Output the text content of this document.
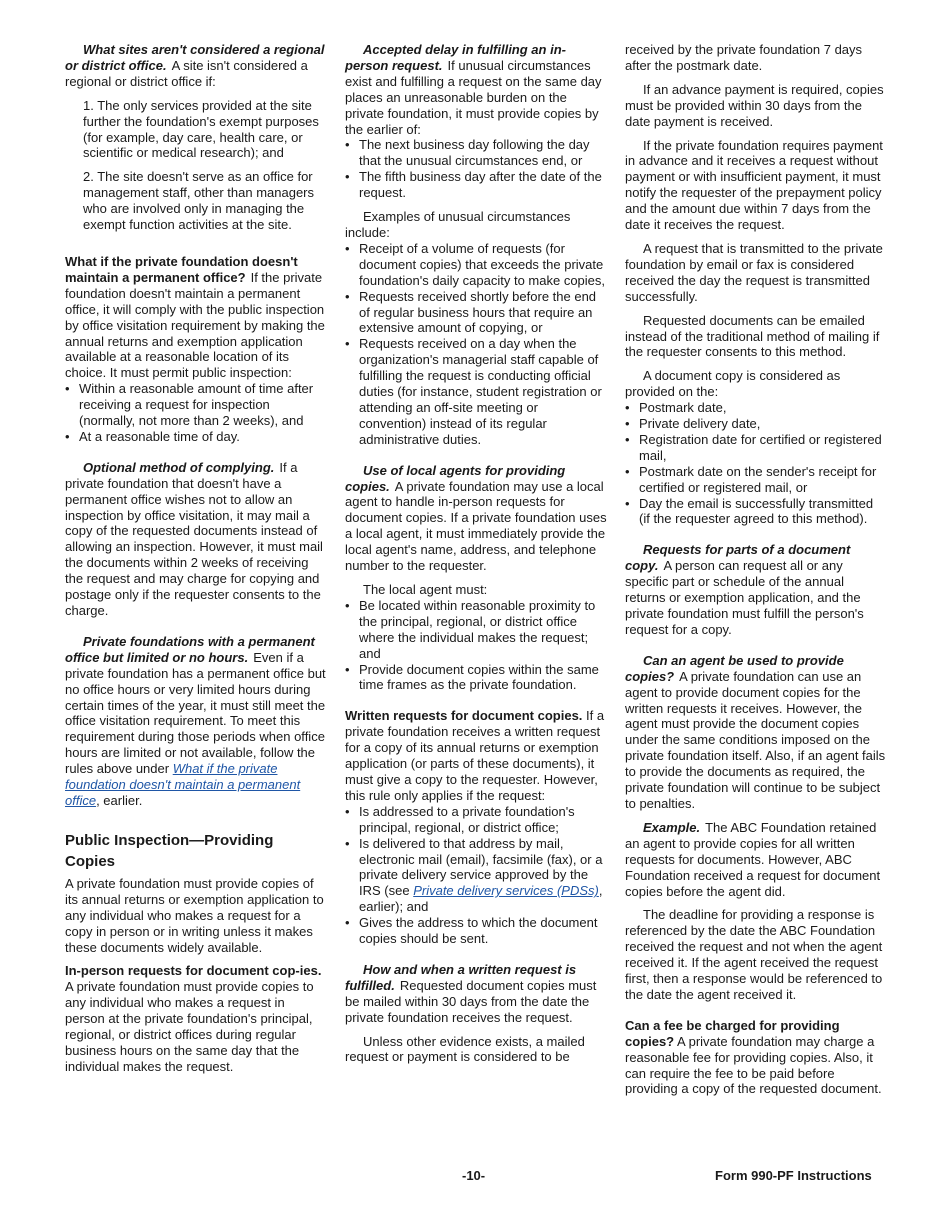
What sites aren't considered a regional or district office. A site isn't considered a regional or district office if:

1. The only services provided at the site further the foundation's exempt purposes (for example, day care, health care, or scientific or medical research); and

2. The site doesn't serve as an office for management staff, other than managers who are involved only in managing the exempt function activities at the site.

What if the private foundation doesn't maintain a permanent office? If the private foundation doesn't maintain a permanent office, it will comply with the public inspection by office visitation requirement by making the annual returns and exemption application available at a reasonable location of its choice. It must permit public inspection:

• Within a reasonable amount of time after receiving a request for inspection (normally, not more than 2 weeks), and

• At a reasonable time of day.

Optional method of complying. If a private foundation that doesn't have a permanent office wishes not to allow an inspection by office visitation, it may mail a copy of the requested documents instead of allowing an inspection. However, it must mail the documents within 2 weeks of receiving the request and may charge for copying and postage only if the requester consents to the charge.

Private foundations with a permanent office but limited or no hours. Even if a private foundation has a permanent office but no office hours or very limited hours during certain times of the year, it must still meet the office visitation requirement. To meet this requirement during those periods when office hours are limited or not available, follow the rules above under What if the private foundation doesn't maintain a permanent office, earlier.

Public Inspection—Providing Copies

A private foundation must provide copies of its annual returns or exemption application to any individual who makes a request for a copy in person or in writing unless it makes these documents widely available.

In-person requests for document cop-ies.A private foundation must provide copies to any individual who makes a request in person at the private foundation's principal, regional, or district offices during regular business hours on the same day that the individual makes the request.

Accepted delay in fulfilling an in-person request. If unusual circumstances exist and fulfilling a request on the same day places an unreasonable burden on the private foundation, it must provide copies by the earlier of:

• The next business day following the day that the unusual circumstances end, or

• The fifth business day after the date of the request.

Examples of unusual circumstances include:

• Receipt of a volume of requests (for document copies) that exceeds the private foundation's daily capacity to make copies,

• Requests received shortly before the end of regular business hours that require an extensive amount of copying, or

• Requests received on a day when the organization's managerial staff capable of fulfilling the request is conducting official duties (for instance, student registration or attending an off-site meeting or convention) instead of its regular administrative duties.

Use of local agents for providing copies. A private foundation may use a local agent to handle in-person requests for document copies. If a private foundation uses a local agent, it must immediately provide the local agent's name, address, and telephone number to the requester.

The local agent must:

• Be located within reasonable proximity to the principal, regional, or district office where the individual makes the request; and

• Provide document copies within the same time frames as the private foundation.

Written requests for document copies. If a private foundation receives a written request for a copy of its annual returns or exemption application (or parts of these documents), it must give a copy to the requester. However, this rule only applies if the request:

• Is addressed to a private foundation's principal, regional, or district office;

• Is delivered to that address by mail, electronic mail (email), facsimile (fax), or a private delivery service approved by the IRS (see Private delivery services (PDSs), earlier); and

• Gives the address to which the document copies should be sent.

How and when a written request is fulfilled. Requested document copies must be mailed within 30 days from the date the private foundation receives the request.

Unless other evidence exists, a mailed request or payment is considered to be

received by the private foundation 7 days after the postmark date.

If an advance payment is required, copies must be provided within 30 days from the date payment is received.

If the private foundation requires payment in advance and it receives a request without payment or with insufficient payment, it must notify the requester of the prepayment policy and the amount due within 7 days from the date it receives the request.

A request that is transmitted to the private foundation by email or fax is considered received the day the request is transmitted successfully.

Requested documents can be emailed instead of the traditional method of mailing if the requester consents to this method.

A document copy is considered as provided on the:

• Postmark date,

• Private delivery date,

• Registration date for certified or registered mail,

• Postmark date on the sender's receipt for certified or registered mail, or

• Day the email is successfully transmitted (if the requester agreed to this method).

Requests for parts of a document copy. A person can request all or any specific part or schedule of the annual returns or exemption application, and the private foundation must fulfill the person's request for a copy.

Can an agent be used to provide copies? A private foundation can use an agent to provide document copies for the written requests it receives. However, the agent must provide the document copies under the same conditions imposed on the private foundation itself. Also, if an agent fails to provide the documents as required, the private foundation will continue to be subject to penalties.

Example. The ABC Foundation retained an agent to provide copies for all written requests for documents. However, ABC Foundation received a request for document copies before the agent did.

The deadline for providing a response is referenced by the date the ABC Foundation received the request and not when the agent received it. If the agent received the request first, then a response would be referenced to the date the agent received it.

Can a fee be charged for providing copies? A private foundation may charge a reasonable fee for providing copies. Also, it can require the fee to be paid before providing a copy of the requested document.

-10-	Form 990-PF Instructions
